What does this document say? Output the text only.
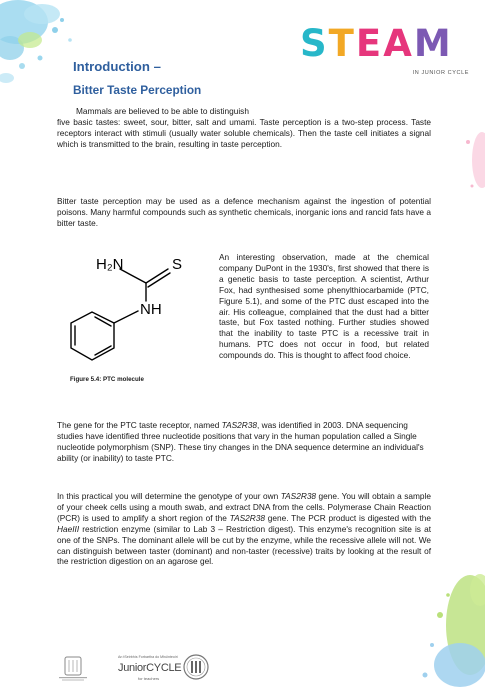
STEAM
IN JUNIOR CYCLE
Introduction –
Bitter Taste Perception
Mammals are believed to be able to distinguish
five basic tastes: sweet, sour, bitter, salt and umami. Taste perception is a two-step process. Taste receptors interact with stimuli (usually water soluble chemicals). Then the taste cell initiates a signal which is transmitted to the brain, resulting in taste perception.
Bitter taste perception may be used as a defence mechanism against the ingestion of potential poisons. Many harmful compounds such as synthetic chemicals, inorganic ions and rancid fats have a bitter taste.
H₂N	S
NH
Figure 5.4: PTC molecule
An interesting observation, made at the chemical company DuPont in the 1930's, first showed that there is a genetic basis to taste perception. A scientist, Arthur Fox, had synthesised some phenylthiocarbamide (PTC, Figure 5.1), and some of the PTC dust escaped into the air. His colleague, complained that the dust had a bitter taste, but Fox tasted nothing. Further studies showed that the inability to taste PTC is a recessive trait in humans. PTC does not occur in food, but related compounds do. This is thought to affect food choice.
The gene for the PTC taste receptor, named TAS2R38, was identified in 2003. DNA sequencing studies have identified three nucleotide positions that vary in the human population called a Single nucleotide polymorphism (SNP). These tiny changes in the DNA sequence determine an individual's ability (or inability) to taste PTC.
In this practical you will determine the genotype of your own TAS2R38 gene. You will obtain a sample of your cheek cells using a mouth swab, and extract DNA from the cells. Polymerase Chain Reaction (PCR) is used to amplify a short region of the TAS2R38 gene. The PCR product is digested with the HaeIII restriction enzyme (similar to Lab 3 – Restriction digest). This enzyme's recognition site is at one of the SNPs. The dominant allele will be cut by the enzyme, while the recessive allele will not. We can distinguish between taster (dominant) and non-taster (recessive) traits by looking at the result of the restriction digestion on an agarose gel.
An tSeirbhís Forbartha do Mhúinteoirí
JuniorCYCLE
for teachers
